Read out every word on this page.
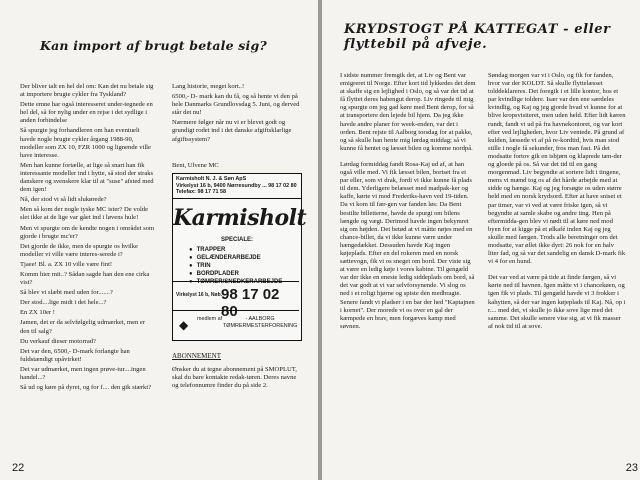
Kan import af brugt betale sig?

Der bliver talt en hel del om: Kan det nu betale sig at importere brugte cykler fra Tyskland?

Dette emne har også interesseret under-tegnede en hel del, så for nylig under en rejse i det sydlige i anden forbindelse

Så spurgte jeg forhandleren om han eventuelt havde nogle brugte cykler årgang 1988-90, modeller som ZX 10, FZR 1000 og lignende ville have interesse.

Men han kunne fortælle, at lige så snart han fik interessante modeller ind i hytte, så stod der straks danskere og svenskere klar til at "suse" afsted med dem igen!

Nå, der stod vi så lidt slukørede?

Men så kom der nogle tyske MC ister? De volde slet ikke at de lige var gået ind i løvens hule!

Men vi spurgte om de kendte nogen i området som gjorde i brugte mc'er?

Det gjorde de ikke, men de spurgte os hvilke modeller vi ville være interes-serede i?

Tjaee! Bl. a. ZX 10 ville være fint!

Komm hier mit..? Sådan sagde han den ene cirka vist?

Så blev vi slæbt med uden for.......?

Der stod....lige midt i det hele...?

En ZX 10er !

Jamen, det er da selvfølgelig udmærket, men er den til salg?

Du verkauf dieser motorrad?

Det var den, 6500,- D-mark forlangte han fuldstændigt upåvirket!

Det var udmærket, men ingen prøve-tur....ingen handel...?

Så ud og køre på dyret, og for f.... den gik stærkt?

Lang historie, meget kort..!

6500,- D- mark kan du få, og så hente vi den på hele Danmarks Grundlovsdag 5. Juni, og derved står det nu!

Nærmere følger når nu vi er blevet godt og grundigt rodet ind i det danske afgiftsklarlige afgiftssystem?

Bent, Ulvene MC

Karmisholt N. J. & Søn ApS
Virkelyst 16 b, 9400 Nørresundby ... 98 17 02 80
Telefax: 98 17 71 58
Karmisholt
SPECIALE:
● TRAPPER
● GELÆNDERARBEJDE
● TRIN
● BORDPLADER
● TØMRER/SNEDKERARBEJDE
Virkelyst 16 b, Nøb.
98 17 02 80
◆ medlem af	- AALBORG
TØMRERMESTERFORENING
ABONNEMENT
Ønsker du at tegne abonnement på SMOPLUT, skal du bare kontakte redak-tøren. Deres navne og telefonnumre finder du på side 2.
22
KRYDSTOGT PÅ KATTEGAT - eller flyttebil på afveje.

I sidste nummer fremgik det, at Liv og Bent var emigreret til Norge. Efter kort tid lykkedes det dem at skaffe sig en lejlighed i Oslo, og så var det tid at få flyttet deres habengut derop. Liv ringede til mig og spurgte om jeg gad køre med Bent derop, for så at transportere den lejede bil hjem. Da jeg ikke havde andre planer for week-enden, var det i orden. Bent rejste til Aalborg torsdag for at pakke, og så skulle han hente mig lørdag middag; så vi kunne få hentet og læsset bilen og komme nordpå.

Lørdag formiddag fandt Rosa-Kaj ud af, at han også ville med. Vi fik læsset bilen, bortset fra et par eller, som vi drak, fordi vi ikke kunne få plads til dem. Yderligere belæsset med madpak-ker og kaffe, kørte vi mod Frederiks-havn ved 19-tiden. Da vi kom til fær-gen var fanden løs: Da Bent bestilte billetterne, havde de spurgt om bilens længde og vægt. Derimod havde ingen bekymret sig om højden. Det betød at vi måtte nøjes med en chance-billet, da vi ikke kunne være under hængedækket. Dessuden havde Kaj ingen køjeplads. Efter en del rokeren med en norsk sættevogn, fik vi os sneget om bord. Der viste sig at være en ledig køje i vores kabine. Til gengæld var der ikke en eneste ledig siddeplads om bord, så det var godt at vi var selvforsynende. Vi slog os ned i et roligt hjørne og spiste den medbragte. Senere fandt vi pladser i en bar der hed "Kaptajnen i kornet". Der morede vi os over en gal der kæmpede en brav, men forgæves kamp med søvnen.

Søndag morgen var vi i Oslo, og fik for fanden, hvor var der KOLDT. Så skulle flyttelæsset tolddeklareres. Det foregik i et lille kontor, hos et par kvindlige toldere. Især var den ene særdeles kvindlig, og Kaj og jeg gjorde hvad vi kunne for at blive kropsvisiteret, men uden held. Efter lidt kæren rundt, fandt vi ud på fra havnekontoret, og var kort efter ved lejligheden, hvor Liv ventede. På grund af kulden, læssede vi af på re-kordtid, hvis man stod stille i nogle få sekunder, fros man fast. På det modsatte fortov gik en isbjørn og klaprede tæn-der og gloede på os. Så var det tid til en gang morgenmad. Liv begyndte at sortere lidt i tingene, mens vi mænd tog os af det hårde arbejde med at sidde og hænge. Kaj og jeg forsøgte os uden større held med en norsk krydsord. Efter at have sniset et par timer, var vi ved at være friske igen, så vi begyndte at samle skabe og andre ting. Hen på eftermidda-gen blev vi nødt til at køre ned mod byen for at kigge på et ølkafé inden Kaj og jeg skulle med færgen. Trods alle beretninger om det modsatte, var øllet ikke dyrt: 26 nok for en halv liter fad, og så var det sandelig en dansk D-mark fik vi 4 for en hund.

Det var ved at være på tide at finde færgen, så vi kørte ned til havnen. Igen måtte vi i chancekøen, og igen fik vi plads. Til gengæld havde vi 3 frokker i kahytten, så der var ingen køjeplads til Kaj. Nå, op i r.... med det, vi skulle jo ikke sove lige med det samme. Det skulle senere vise sig, at vi fik masser af nok tid til at sove.

23
